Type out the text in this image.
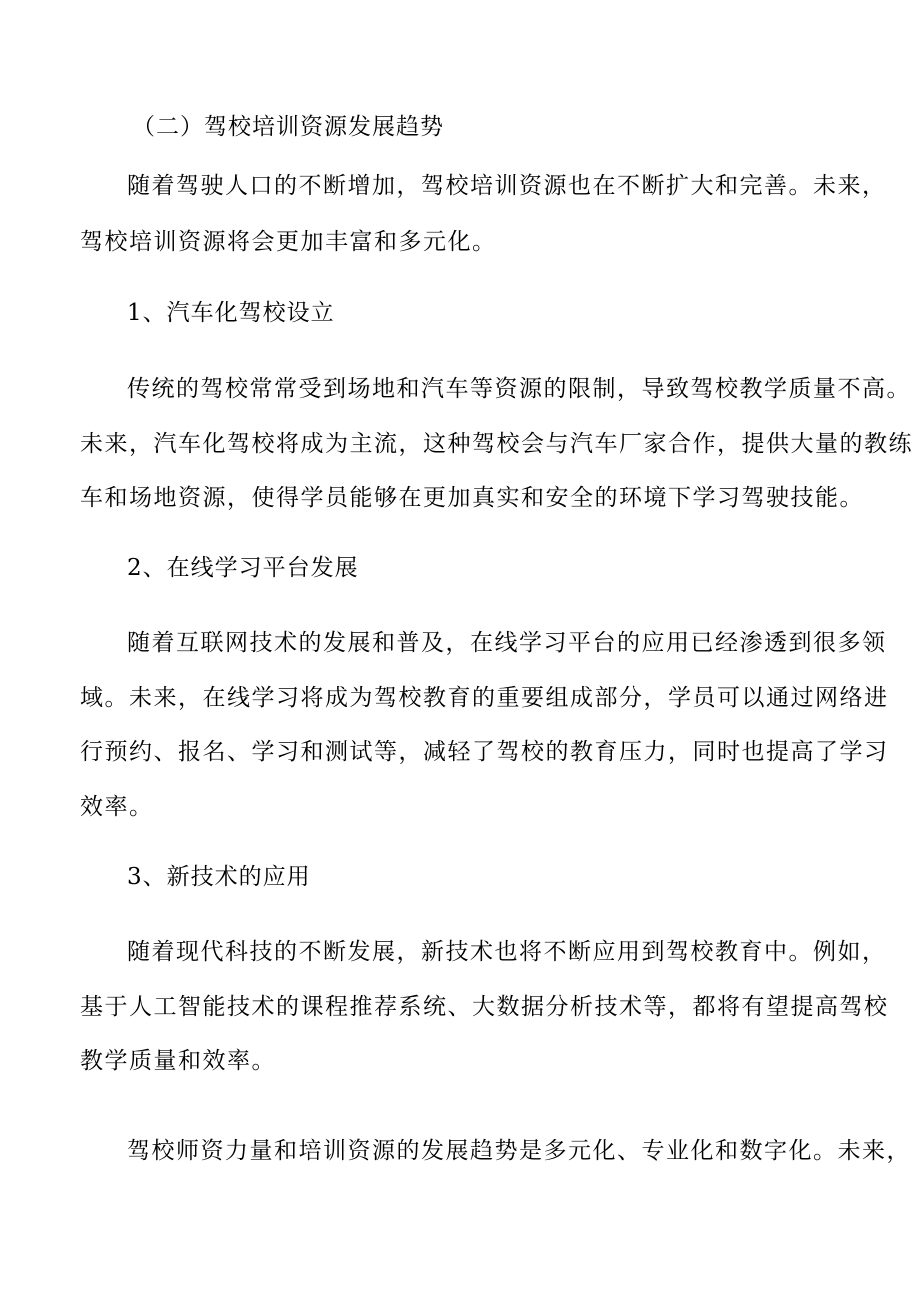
（二）驾校培训资源发展趋势

随着驾驶人口的不断增加，驾校培训资源也在不断扩大和完善。未来，

驾校培训资源将会更加丰富和多元化。

1、汽车化驾校设立

传统的驾校常常受到场地和汽车等资源的限制，导致驾校教学质量不高。

未来，汽车化驾校将成为主流，这种驾校会与汽车厂家合作，提供大量的教练

车和场地资源，使得学员能够在更加真实和安全的环境下学习驾驶技能。

2、在线学习平台发展

随着互联网技术的发展和普及，在线学习平台的应用已经渗透到很多领

域。未来，在线学习将成为驾校教育的重要组成部分，学员可以通过网络进

行预约、报名、学习和测试等，减轻了驾校的教育压力，同时也提高了学习

效率。

3、新技术的应用

随着现代科技的不断发展，新技术也将不断应用到驾校教育中。例如，

基于人工智能技术的课程推荐系统、大数据分析技术等，都将有望提高驾校

教学质量和效率。

驾校师资力量和培训资源的发展趋势是多元化、专业化和数字化。未来，
